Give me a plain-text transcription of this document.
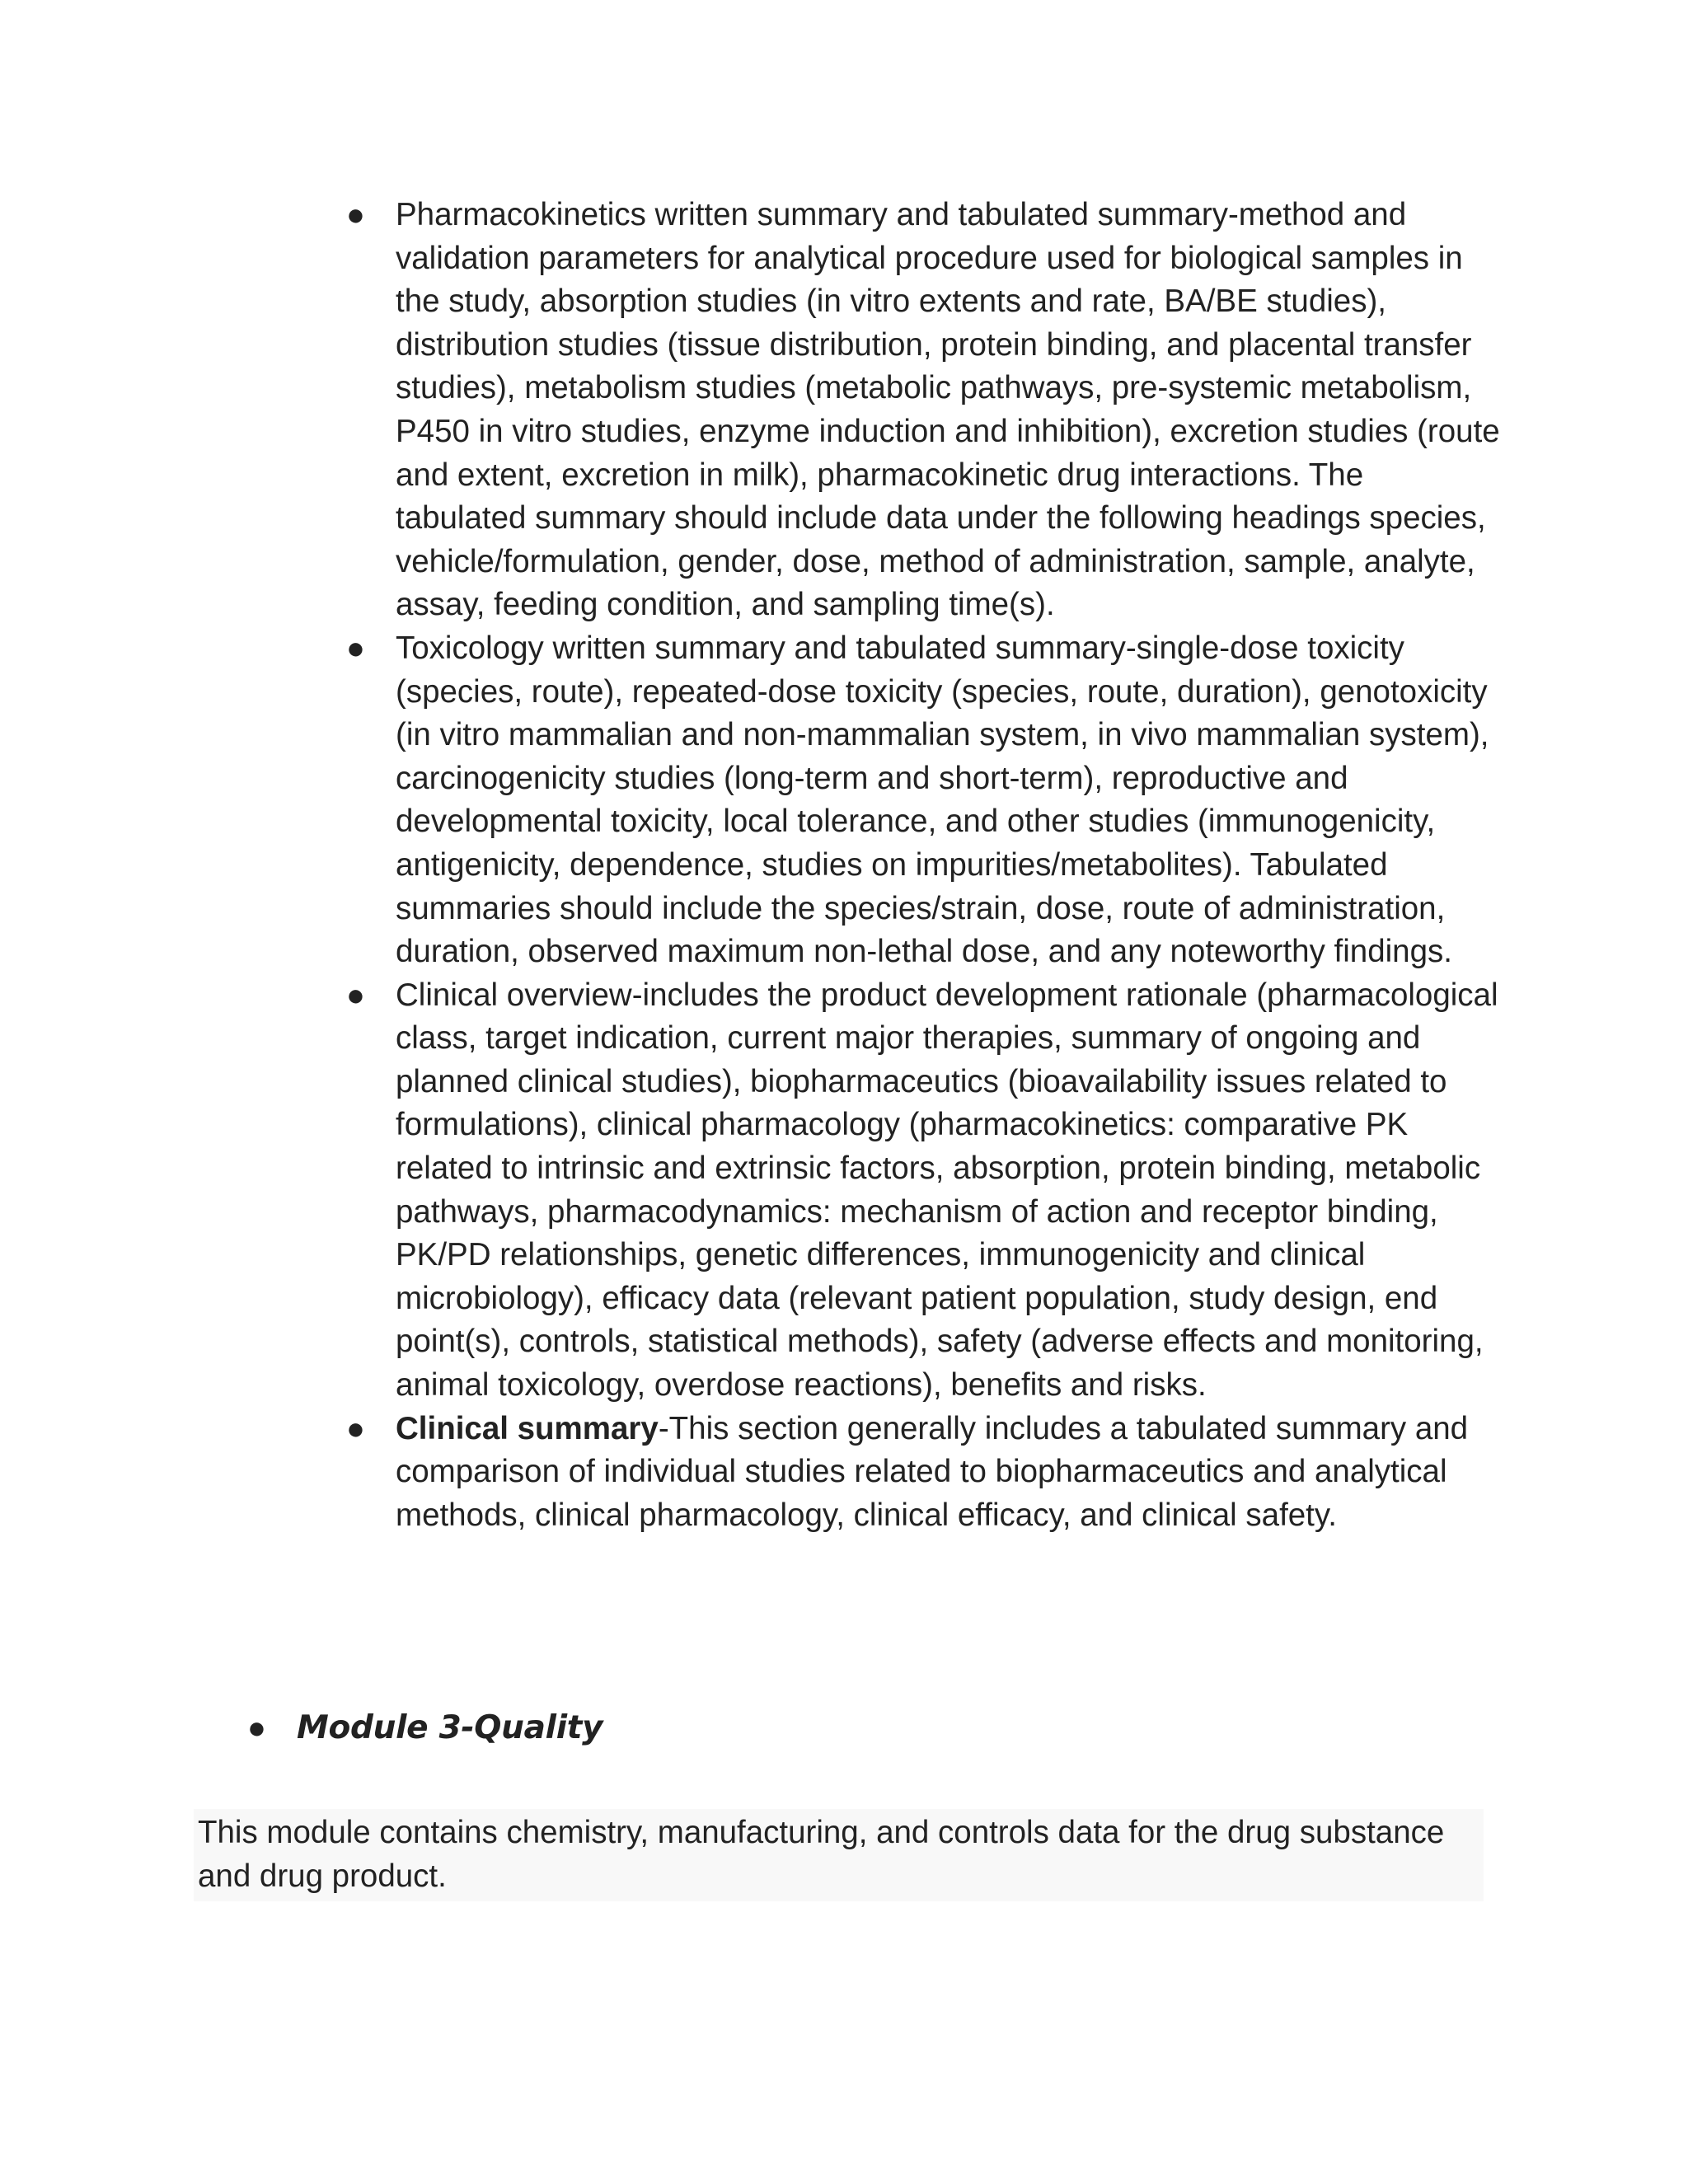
● Pharmacokinetics written summary and tabulated summary-method and validation parameters for analytical procedure used for biological samples in the study, absorption studies (in vitro extents and rate, BA/BE studies), distribution studies (tissue distribution, protein binding, and placental transfer studies), metabolism studies (metabolic pathways, pre-systemic metabolism, P450 in vitro studies, enzyme induction and inhibition), excretion studies (route and extent, excretion in milk), pharmacokinetic drug interactions. The tabulated summary should include data under the following headings species, vehicle/formulation, gender, dose, method of administration, sample, analyte, assay, feeding condition, and sampling time(s).
● Toxicology written summary and tabulated summary-single-dose toxicity (species, route), repeated-dose toxicity (species, route, duration), genotoxicity (in vitro mammalian and non-mammalian system, in vivo mammalian system), carcinogenicity studies (long-term and short-term), reproductive and developmental toxicity, local tolerance, and other studies (immunogenicity, antigenicity, dependence, studies on impurities/metabolites). Tabulated summaries should include the species/strain, dose, route of administration, duration, observed maximum non-lethal dose, and any noteworthy findings.
● Clinical overview-includes the product development rationale (pharmacological class, target indication, current major therapies, summary of ongoing and planned clinical studies), biopharmaceutics (bioavailability issues related to formulations), clinical pharmacology (pharmacokinetics: comparative PK related to intrinsic and extrinsic factors, absorption, protein binding, metabolic pathways, pharmacodynamics: mechanism of action and receptor binding, PK/PD relationships, genetic differences, immunogenicity and clinical microbiology), efficacy data (relevant patient population, study design, end point(s), controls, statistical methods), safety (adverse effects and monitoring, animal toxicology, overdose reactions), benefits and risks.
● Clinical summary-This section generally includes a tabulated summary and comparison of individual studies related to biopharmaceutics and analytical methods, clinical pharmacology, clinical efficacy, and clinical safety.
● Module 3-Quality
This module contains chemistry, manufacturing, and controls data for the drug substance and drug product.
